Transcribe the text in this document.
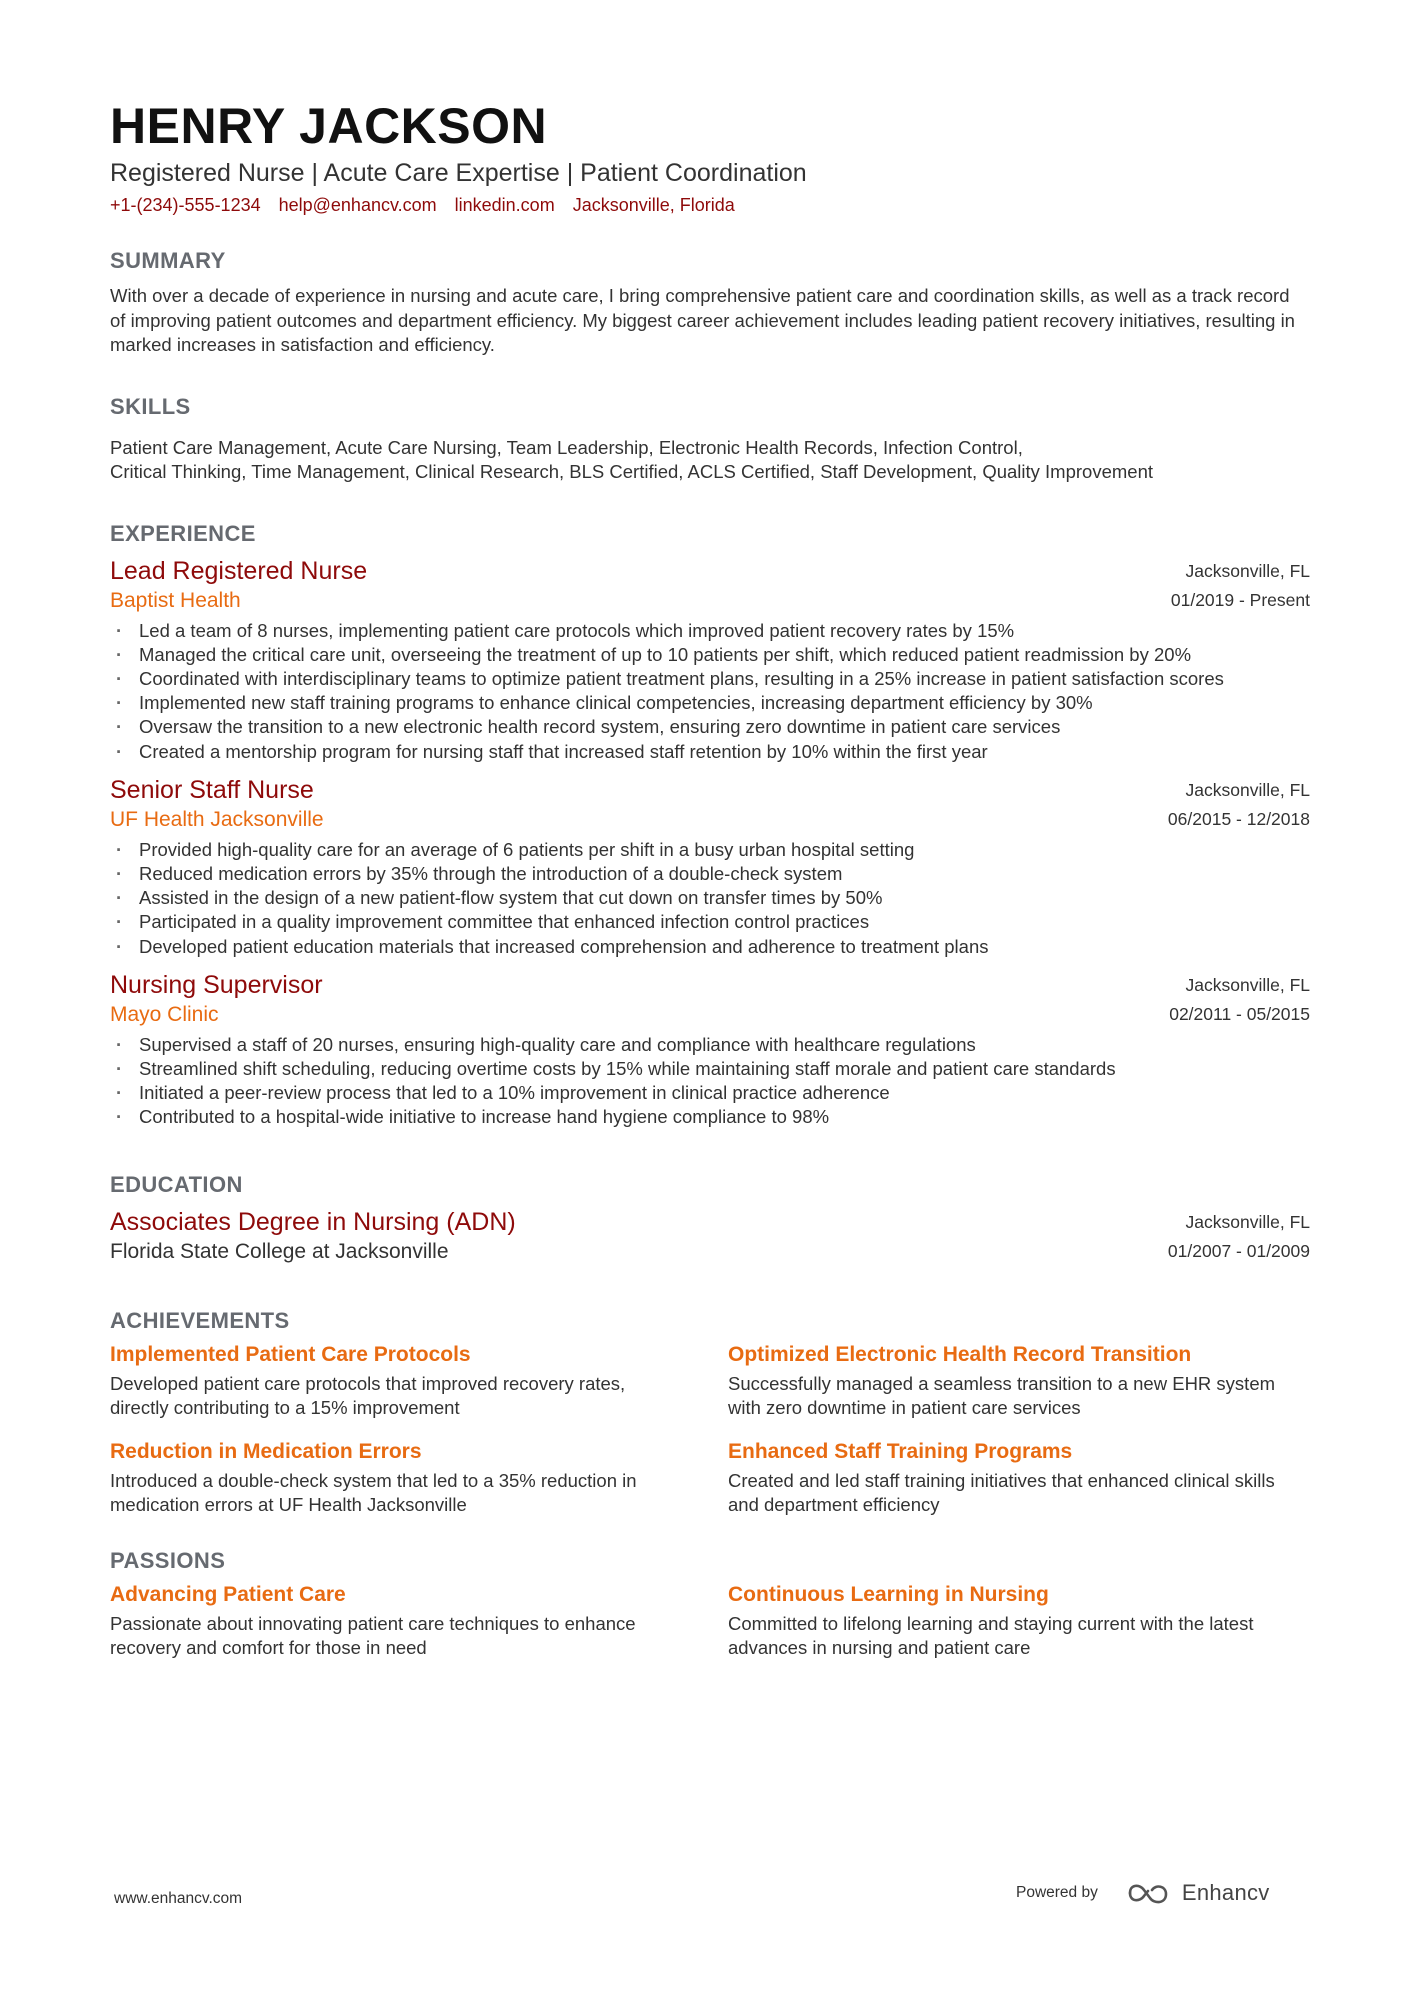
HENRY JACKSON
Registered Nurse | Acute Care Expertise | Patient Coordination
+1-(234)-555-1234 help@enhancv.com linkedin.com Jacksonville, Florida
SUMMARY
With over a decade of experience in nursing and acute care, I bring comprehensive patient care and coordination skills, as well as a track record of improving patient outcomes and department efficiency. My biggest career achievement includes leading patient recovery initiatives, resulting in marked increases in satisfaction and efficiency.
SKILLS
Patient Care Management , Acute Care Nursing , Team Leadership , Electronic Health Records , Infection Control ,
Critical Thinking , Time Management , Clinical Research , BLS Certified , ACLS Certified , Staff Development , Quality Improvement
EXPERIENCE
Lead Registered Nurse
Baptist Health
Jacksonville, FL
01/2019 - Present
· Led a team of 8 nurses, implementing patient care protocols which improved patient recovery rates by 15%
· Managed the critical care unit, overseeing the treatment of up to 10 patients per shift, which reduced patient readmission by 20%
· Coordinated with interdisciplinary teams to optimize patient treatment plans, resulting in a 25% increase in patient satisfaction scores
· Implemented new staff training programs to enhance clinical competencies, increasing department efficiency by 30%
· Oversaw the transition to a new electronic health record system, ensuring zero downtime in patient care services
· Created a mentorship program for nursing staff that increased staff retention by 10% within the first year
Senior Staff Nurse
UF Health Jacksonville
Jacksonville, FL
06/2015 - 12/2018
· Provided high-quality care for an average of 6 patients per shift in a busy urban hospital setting
· Reduced medication errors by 35% through the introduction of a double-check system
· Assisted in the design of a new patient-flow system that cut down on transfer times by 50%
· Participated in a quality improvement committee that enhanced infection control practices
· Developed patient education materials that increased comprehension and adherence to treatment plans
Nursing Supervisor
Mayo Clinic
Jacksonville, FL
02/2011 - 05/2015
· Supervised a staff of 20 nurses, ensuring high-quality care and compliance with healthcare regulations
· Streamlined shift scheduling, reducing overtime costs by 15% while maintaining staff morale and patient care standards
· Initiated a peer-review process that led to a 10% improvement in clinical practice adherence
· Contributed to a hospital-wide initiative to increase hand hygiene compliance to 98%
EDUCATION
Associates Degree in Nursing (ADN)
Florida State College at Jacksonville
Jacksonville, FL
01/2007 - 01/2009
ACHIEVEMENTS
Implemented Patient Care Protocols
Developed patient care protocols that improved recovery rates, directly contributing to a 15% improvement
Optimized Electronic Health Record Transition
Successfully managed a seamless transition to a new EHR system with zero downtime in patient care services
Reduction in Medication Errors
Introduced a double-check system that led to a 35% reduction in medication errors at UF Health Jacksonville
Enhanced Staff Training Programs
Created and led staff training initiatives that enhanced clinical skills and department efficiency
PASSIONS
Advancing Patient Care
Passionate about innovating patient care techniques to enhance recovery and comfort for those in need
Continuous Learning in Nursing
Committed to lifelong learning and staying current with the latest advances in nursing and patient care
www.enhancv.com	Powered by	Enhancv
